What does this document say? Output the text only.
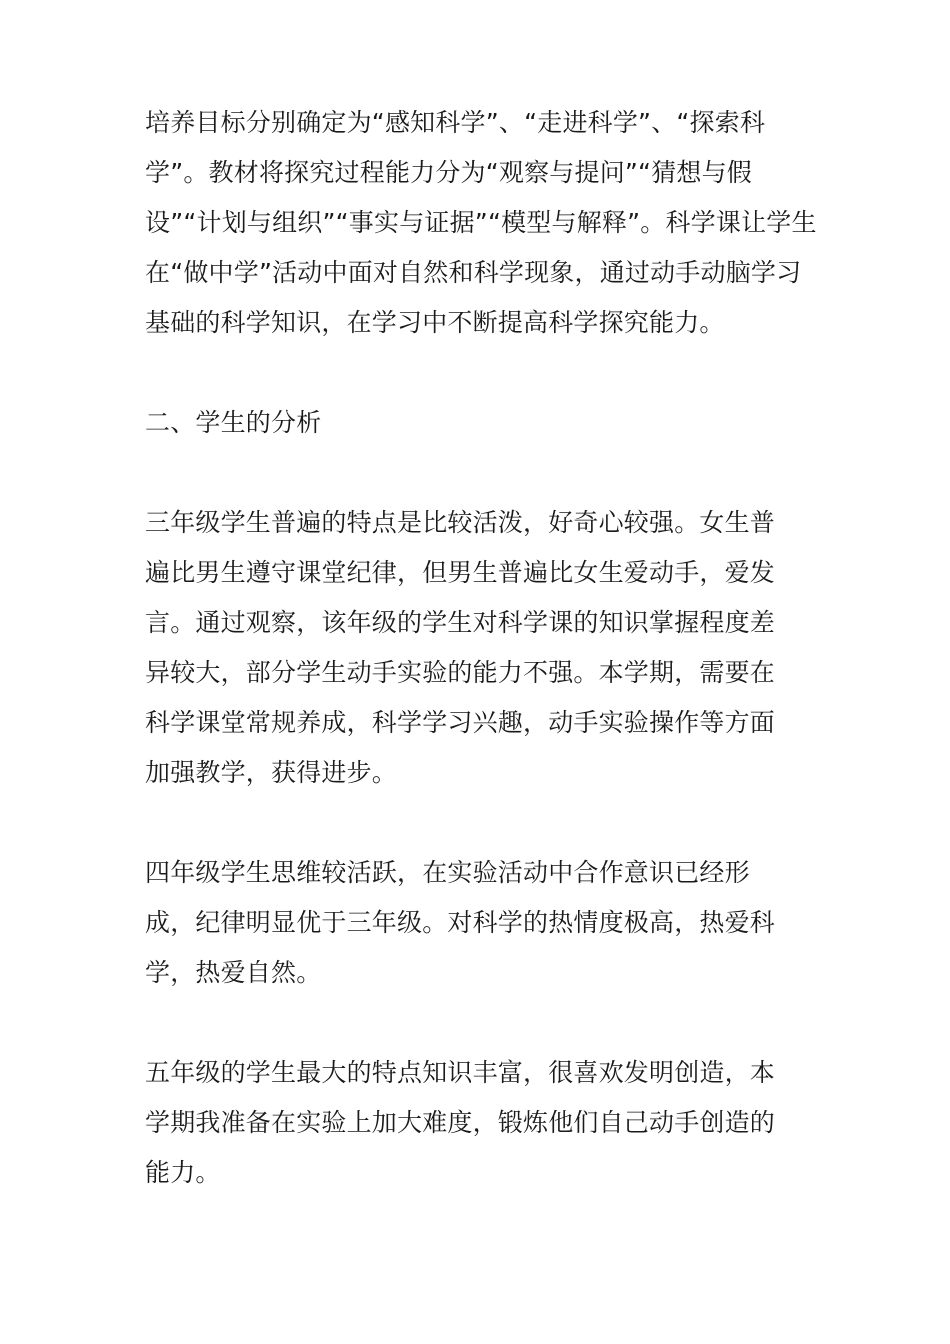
培养目标分别确定为“感知科学”、“走进科学”、“探索科
学”。教材将探究过程能力分为“观察与提问”“猜想与假
设”“计划与组织”“事实与证据”“模型与解释”。科学课让学生
在“做中学”活动中面对自然和科学现象，通过动手动脑学习
基础的科学知识，在学习中不断提高科学探究能力。
二、学生的分析
三年级学生普遍的特点是比较活泼，好奇心较强。女生普
遍比男生遵守课堂纪律，但男生普遍比女生爱动手，爱发
言。通过观察，该年级的学生对科学课的知识掌握程度差
异较大，部分学生动手实验的能力不强。本学期，需要在
科学课堂常规养成，科学学习兴趣，动手实验操作等方面
加强教学，获得进步。
四年级学生思维较活跃，在实验活动中合作意识已经形
成，纪律明显优于三年级。对科学的热情度极高，热爱科
学，热爱自然。
五年级的学生最大的特点知识丰富，很喜欢发明创造，本
学期我准备在实验上加大难度，锻炼他们自己动手创造的
能力。
